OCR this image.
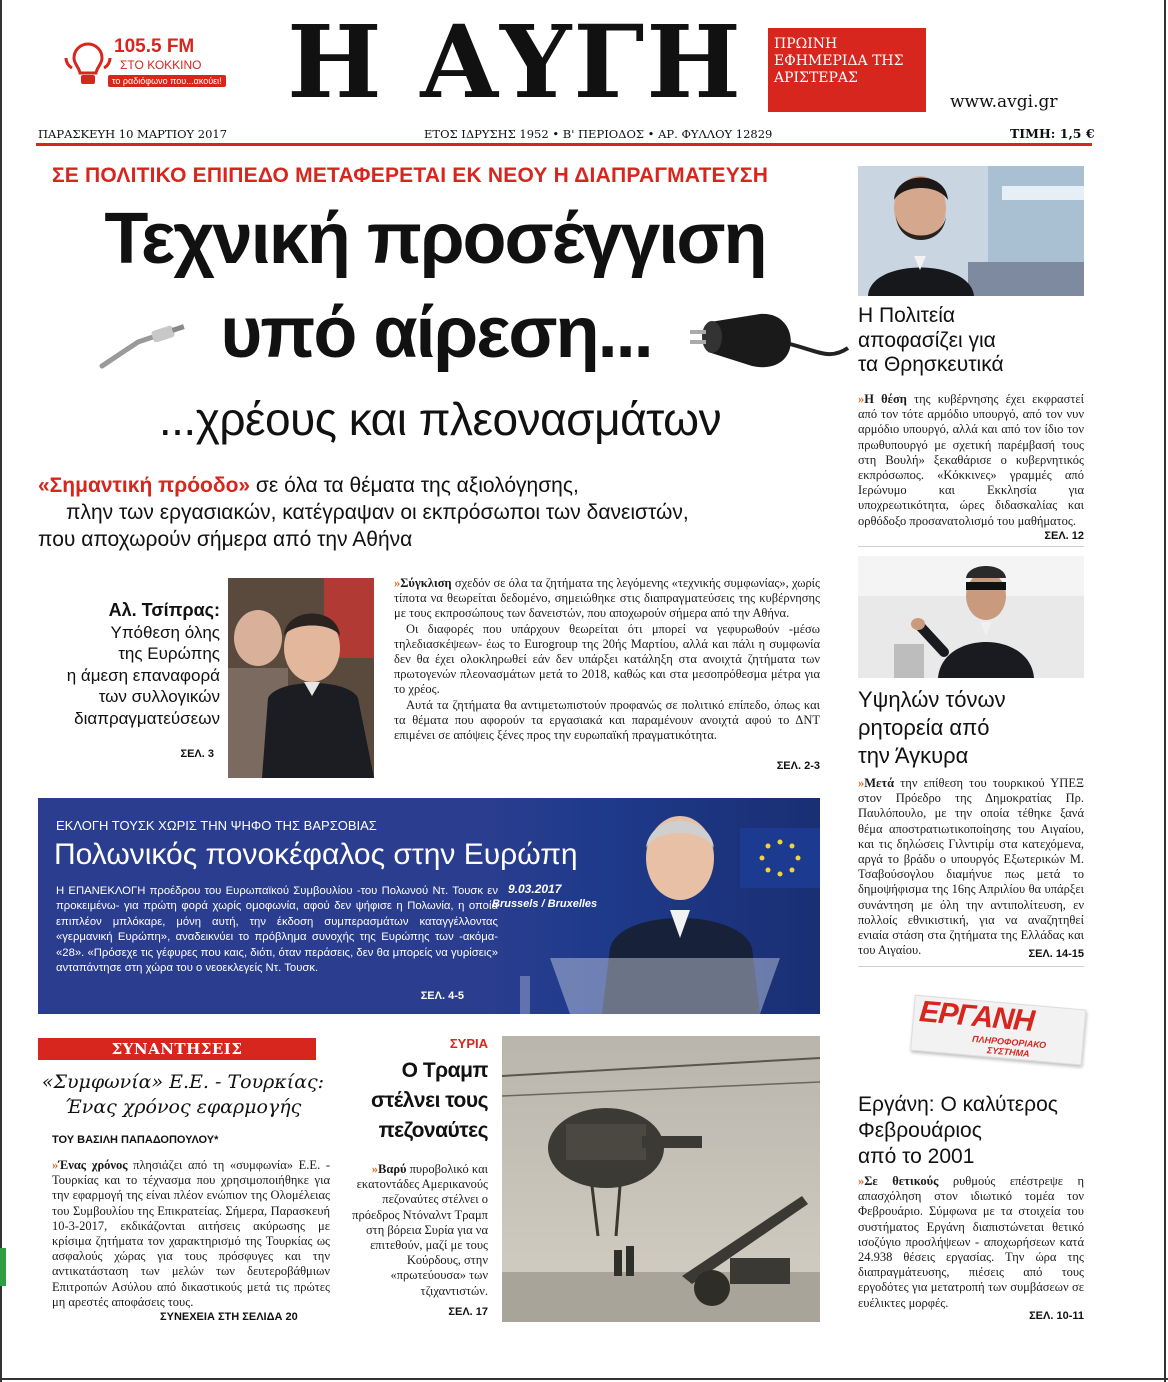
105.5 FM
ΣΤΟ ΚΟΚΚΙΝΟ
το ραδιόφωνο που...ακούει! Η ΑΥΓΗ	ΠΡΩΙΝΗ ΕΦΗΜΕΡΙΔΑ ΤΗΣ ΑΡΙΣΤΕΡΑΣ
www.avgi.gr
ΠΑΡΑΣΚΕΥΗ 10 ΜΑΡΤΙΟΥ 2017	ΕΤΟΣ ΙΔΡΥΣΗΣ 1952 • Β' ΠΕΡΙΟΔΟΣ • ΑΡ. ΦΥΛΛΟΥ 12829	ΤΙΜΗ: 1,5 €
ΣΕ ΠΟΛΙΤΙΚΟ ΕΠΙΠΕΔΟ ΜΕΤΑΦΕΡΕΤΑΙ ΕΚ ΝΕΟΥ Η ΔΙΑΠΡΑΓΜΑΤΕΥΣΗ
Τεχνική προσέγγιση
υπό αίρεση...
...χρέους και πλεονασμάτων
«Σημαντική πρόοδο» σε όλα τα θέματα της αξιολόγησης,
πλην των εργασιακών, κατέγραψαν οι εκπρόσωποι των δανειστών,
που αποχωρούν σήμερα από την Αθήνα
Αλ. Τσίπρας:
Υπόθεση όλης
της Ευρώπης
η άμεση επαναφορά
των συλλογικών
διαπραγματεύσεων
ΣΕΛ. 3

»Σύγκλιση σχεδόν σε όλα τα ζητήματα της λεγόμενης «τεχνικής συμφωνίας», χωρίς τίποτα να θεωρείται δεδομένο, σημειώθηκε στις διαπραγματεύσεις της κυβέρνησης με τους εκπροσώπους των δανειστών, που αποχωρούν σήμερα από την Αθήνα.

Οι διαφορές που υπάρχουν θεωρείται ότι μπορεί να γεφυρωθούν -μέσω τηλεδιασκέψεων- έως το Eurogroup της 20ής Μαρτίου, αλλά και πάλι η συμφωνία δεν θα έχει ολοκληρωθεί εάν δεν υπάρξει κατάληξη στα ανοιχτά ζητήματα των πρωτογενών πλεονασμάτων μετά το 2018, καθώς και στα μεσοπρόθεσμα μέτρα για το χρέος.

Αυτά τα ζητήματα θα αντιμετωπιστούν προφανώς σε πολιτικό επίπεδο, όπως και τα θέματα που αφορούν τα εργασιακά και παραμένουν ανοιχτά αφού το ΔΝΤ επιμένει σε απόψεις ξένες προς την ευρωπαϊκή πραγματικότητα.

ΣΕΛ. 2-3
9.03.2017
Brussels / Bruxelles
ΕΚΛΟΓΗ ΤΟΥΣΚ ΧΩΡΙΣ ΤΗΝ ΨΗΦΟ ΤΗΣ ΒΑΡΣΟΒΙΑΣ
Πολωνικός πονοκέφαλος στην Ευρώπη
Η ΕΠΑΝΕΚΛΟΓΗ προέδρου του Ευρωπαϊκού Συμβουλίου -του Πολωνού Ντ. Τουσκ εν προκειμένω- για πρώτη φορά χωρίς ομοφωνία, αφού δεν ψήφισε η Πολωνία, η οποία επιπλέον μπλόκαρε, μόνη αυτή, την έκδοση συμπερασμάτων καταγγέλλοντας «γερμανική Ευρώπη», αναδεικνύει το πρόβλημα συνοχής της Ευρώπης των -ακόμα- «28». «Πρόσεχε τις γέφυρες που καις, διότι, όταν περάσεις, δεν θα μπορείς να γυρίσεις» ανταπάντησε στη χώρα του ο νεοεκλεγείς Ντ. Τουσκ.
ΣΕΛ. 4-5
ΣΥΝΑΝΤΗΣΕΙΣ
«Συμφωνία» Ε.Ε. - Τουρκίας:
Ένας χρόνος εφαρμογής
ΤΟΥ ΒΑΣΙΛΗ ΠΑΠΑΔΟΠΟΥΛΟΥ*
»Ένας χρόνος πλησιάζει από τη «συμφωνία» Ε.Ε. - Τουρκίας και το τέχνασμα που χρησιμοποιήθηκε για την εφαρμογή της είναι πλέον ενώπιον της Ολομέλειας του Συμβουλίου της Επικρατείας. Σήμερα, Παρασκευή 10-3-2017, εκδικάζονται αιτήσεις ακύρωσης με κρίσιμα ζητήματα τον χαρακτηρισμό της Τουρκίας ως ασφαλούς χώρας για τους πρόσφυγες και την αντικατάσταση των μελών των δευτεροβάθμιων Επιτροπών Ασύλου από δικαστικούς μετά τις πρώτες μη αρεστές αποφάσεις τους.
ΣΥΝΕΧΕΙΑ ΣΤΗ ΣΕΛΙΔΑ 20
ΣΥΡΙΑ
Ο Τραμπ
στέλνει τους
πεζοναύτες
»Βαρύ πυροβολικό και εκατοντάδες Αμερικανούς πεζοναύτες στέλνει ο πρόεδρος Ντόναλντ Τραμπ στη βόρεια Συρία για να επιτεθούν, μαζί με τους Κούρδους, στην «πρωτεύουσα» των τζιχαντιστών.
ΣΕΛ. 17
Η Πολιτεία
αποφασίζει για
τα Θρησκευτικά
»Η θέση της κυβέρνησης έχει εκφραστεί από τον τότε αρμόδιο υπουργό, από τον νυν αρμόδιο υπουργό, αλλά και από τον ίδιο τον πρωθυπουργό με σχετική παρέμβασή τους στη Βουλή» ξεκαθάρισε ο κυβερνητικός εκπρόσωπος. «Κόκκινες» γραμμές από Ιερώνυμο και Εκκλησία για υποχρεωτικότητα, ώρες διδασκαλίας και ορθόδοξο προσανατολισμό του μαθήματος.
ΣΕΛ. 12
Υψηλών τόνων
ρητορεία από
την Άγκυρα
»Μετά την επίθεση του τουρκικού ΥΠΕΞ στον Πρόεδρο της Δημοκρατίας Πρ. Παυλόπουλο, με την οποία τέθηκε ξανά θέμα αποστρατιωτικοποίησης του Αιγαίου, και τις δηλώσεις Γιλντιρίμ στα κατεχόμενα, αργά το βράδυ ο υπουργός Εξωτερικών Μ. Τσαβούσογλου διαμήνυε πως μετά το δημοψήφισμα της 16ης Απριλίου θα υπάρξει συνάντηση με όλη την αντιπολίτευση, εν πολλοίς εθνικιστική, για να αναζητηθεί ενιαία στάση στα ζητήματα της Ελλάδας και του Αιγαίου.	ΣΕΛ. 14-15
ΕΡΓΑΝΗ
ΠΛΗΡΟΦΟΡΙΑΚΟ ΣΥΣΤΗΜΑ
Εργάνη: Ο καλύτερος
Φεβρουάριος
από το 2001
»Σε θετικούς ρυθμούς επέστρεψε η απασχόληση στον ιδιωτικό τομέα τον Φεβρουάριο. Σύμφωνα με τα στοιχεία του συστήματος Εργάνη διαπιστώνεται θετικό ισοζύγιο προσλήψεων - αποχωρήσεων κατά 24.938 θέσεις εργασίας. Την ώρα της διαπραγμάτευσης, πιέσεις από τους εργοδότες για μετατροπή των συμβάσεων σε ευέλικτες μορφές.
ΣΕΛ. 10-11
